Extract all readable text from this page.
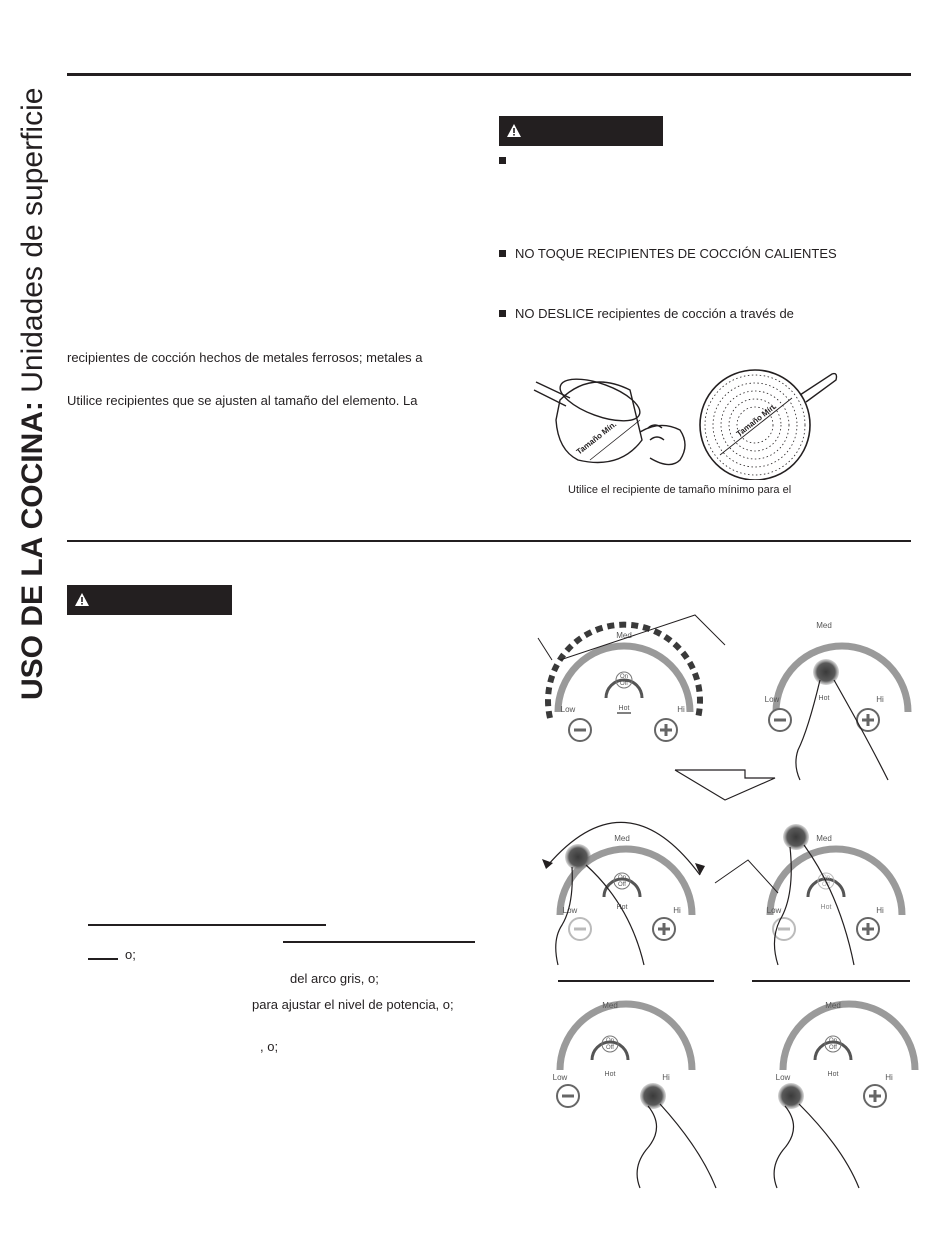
USO DE LA COCINA: Unidades de superficie	NO TOQUE RECIPIENTES DE COCCIÓN CALIENTES
NO DESLICE recipientes de cocción a través de
recipientes de cocción hechos de metales ferrosos; metales a
Utilice recipientes que se ajusten al tamaño del elemento. La
Tamaño Mín.	Tamaño Mín.
Utilice el recipiente de tamaño mínimo para el
o;
del arco gris, o;
para ajustar el nivel de potencia, o;
, o;
Med
Low	Hi
On
Off
Hot
Med
Low	Hi
Hot
Med
Low	Hi
On
Off
Hot
Med
Low	Hi
On
Off
Hot
Med
Low	Hi
On
Off
Hot
Med
Low	Hi
On
Off
Hot
